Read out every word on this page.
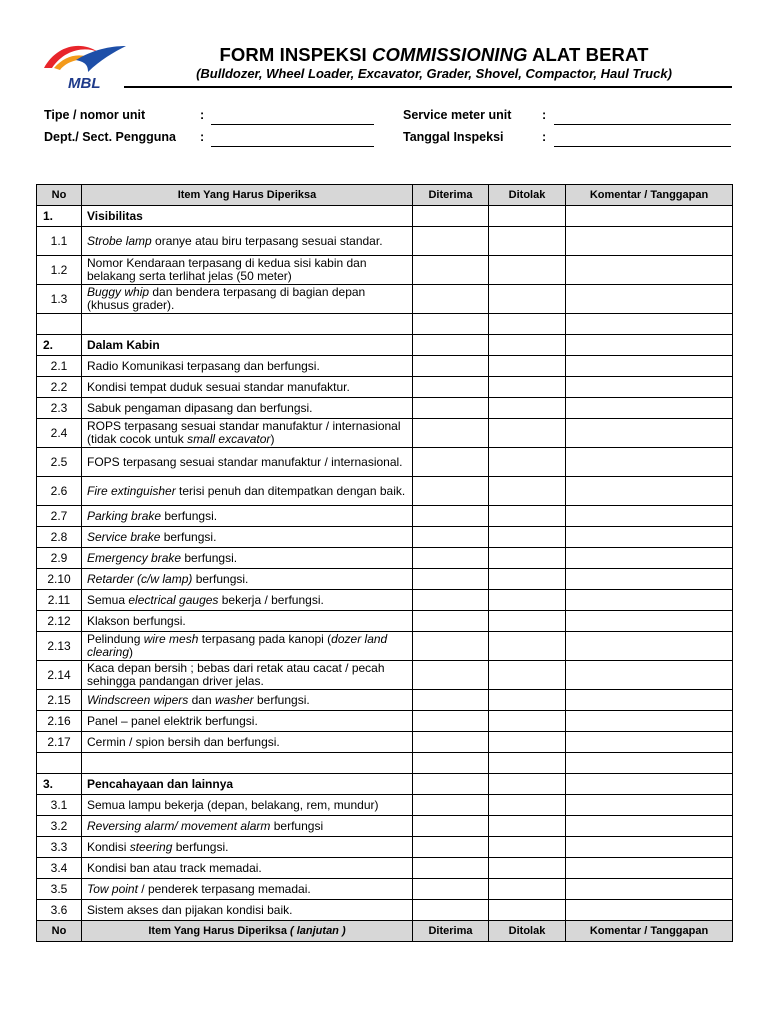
MBL
FORM INSPEKSI COMMISSIONING ALAT BERAT
(Bulldozer, Wheel Loader, Excavator, Grader, Shovel, Compactor, Haul Truck)
Tipe / nomor unit	:
Dept./ Sect. Pengguna :
Service meter unit :
Tanggal Inspeksi	:
No	Item Yang Harus Diperiksa	Diterima	Ditolak	Komentar / Tanggapan
1.	Visibilitas			
1.1	Strobe lamp oranye atau biru terpasang sesuai standar.			
1.2	Nomor Kendaraan terpasang di kedua sisi kabin dan belakang serta terlihat jelas (50 meter)			
1.3	Buggy whip dan bendera terpasang di bagian depan (khusus grader).			

2.	Dalam Kabin			
2.1	Radio Komunikasi terpasang dan berfungsi.			
2.2	Kondisi tempat duduk sesuai standar manufaktur.			
2.3	Sabuk pengaman dipasang dan berfungsi.			
2.4	ROPS terpasang sesuai standar manufaktur / internasional (tidak cocok untuk small excavator)			
2.5	FOPS terpasang sesuai standar manufaktur / internasional.			
2.6	Fire extinguisher terisi penuh dan ditempatkan dengan baik.			
2.7	Parking brake berfungsi.			
2.8	Service brake berfungsi.			
2.9	Emergency brake berfungsi.			
2.10	Retarder (c/w lamp) berfungsi.			
2.11	Semua electrical gauges bekerja / berfungsi.			
2.12	Klakson berfungsi.			
2.13	Pelindung wire mesh terpasang pada kanopi (dozer land clearing)			
2.14	Kaca depan bersih ; bebas dari retak atau cacat / pecah sehingga pandangan driver jelas.			
2.15	Windscreen wipers dan washer berfungsi.			
2.16	Panel – panel elektrik berfungsi.			
2.17	Cermin / spion bersih dan berfungsi.			

3.	Pencahayaan dan lainnya			
3.1	Semua lampu bekerja (depan, belakang, rem, mundur)			
3.2	Reversing alarm/ movement alarm berfungsi			
3.3	Kondisi steering berfungsi.			
3.4	Kondisi ban atau track memadai.			
3.5	Tow point / penderek terpasang memadai.			
3.6	Sistem akses dan pijakan kondisi baik.			
No	Item Yang Harus Diperiksa ( lanjutan )	Diterima	Ditolak	Komentar / Tanggapan
